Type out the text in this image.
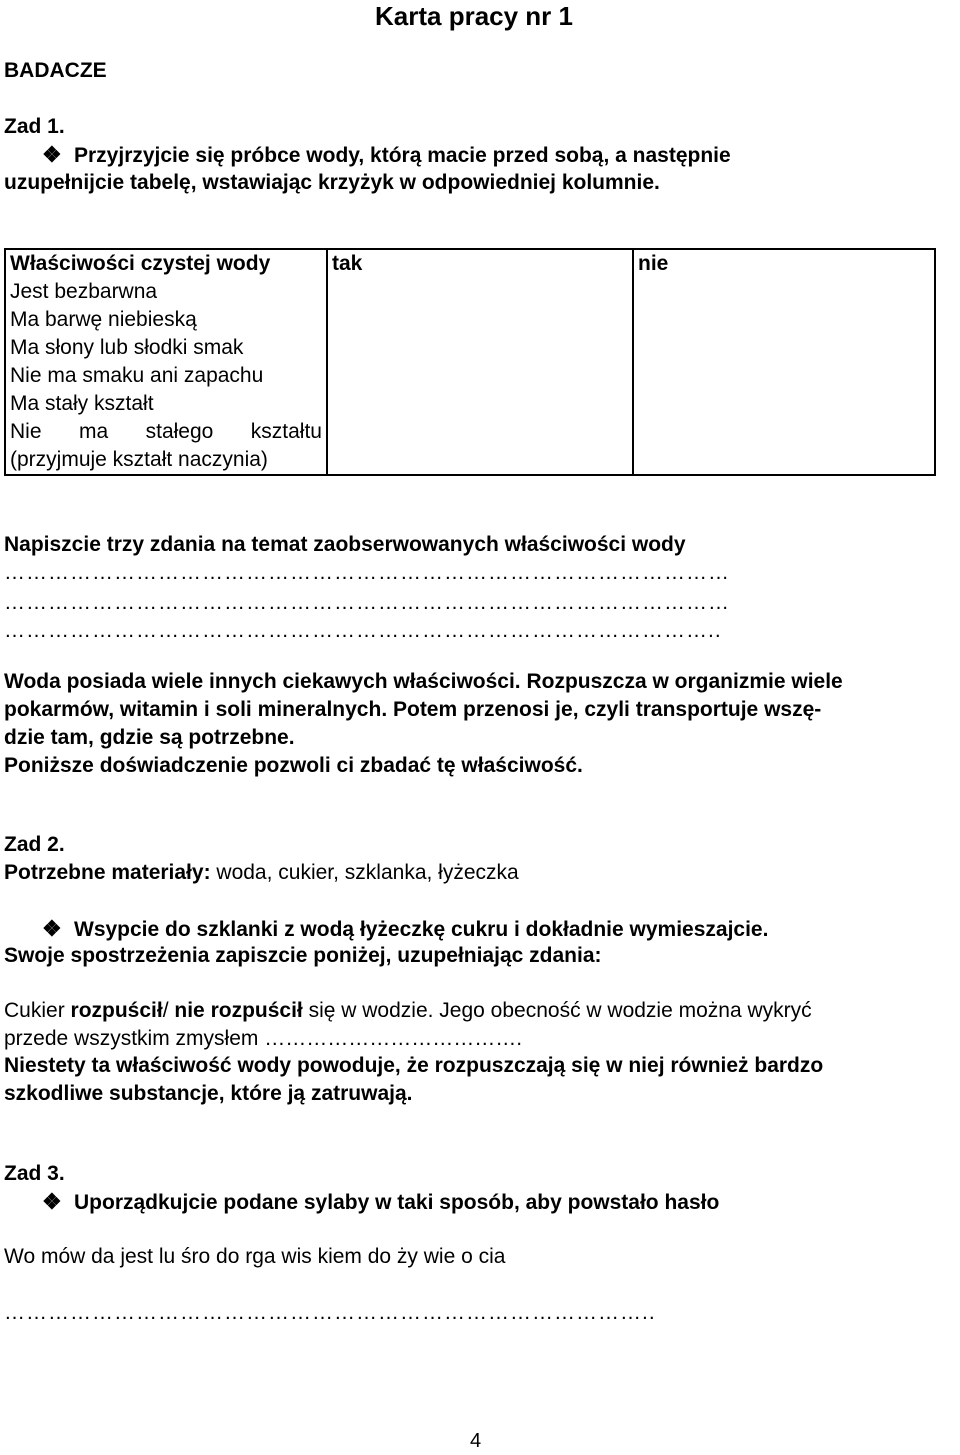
Karta pracy nr 1
BADACZE
Zad 1.
❖ Przyjrzyjcie się próbce wody, którą macie przed sobą, a następnie
uzupełnijcie tabelę, wstawiając krzyżyk w odpowiedniej kolumnie.
Właściwości czystej wody	tak	nie
Jest bezbarwna		
Ma barwę niebieską		
Ma słony lub słodki smak		
Nie ma smaku ani zapachu		
Ma stały kształt		

Nie ma stałego kształtu
(przyjmuje kształt naczynia)		

Napiszcie trzy zdania na temat zaobserwowanych właściwości wody
………………………………………………………………………………………
………………………………………………………………………………………
……………………………………………………………………………………..
Woda posiada wiele innych ciekawych właściwości. Rozpuszcza w organizmie wiele
pokarmów, witamin i soli mineralnych. Potem przenosi je, czyli transportuje wszę-
dzie tam, gdzie są potrzebne.
Poniższe doświadczenie pozwoli ci zbadać tę właściwość.
Zad 2.
Potrzebne materiały: woda, cukier, szklanka, łyżeczka
❖ Wsypcie do szklanki z wodą łyżeczkę cukru i dokładnie wymieszajcie.
Swoje spostrzeżenia zapiszcie poniżej, uzupełniając zdania:
Cukier rozpuścił/ nie rozpuścił się w wodzie. Jego obecność w wodzie można wykryć
przede wszystkim zmysłem ……………………………….
Niestety ta właściwość wody powoduje, że rozpuszczają się w niej również bardzo
szkodliwe substancje, które ją zatruwają.
Zad 3.
❖ Uporządkujcie podane sylaby w taki sposób, aby powstało hasło
Wo mów da jest lu śro do rga wis kiem do ży wie o cia
……………………………………………………………………………..
4
